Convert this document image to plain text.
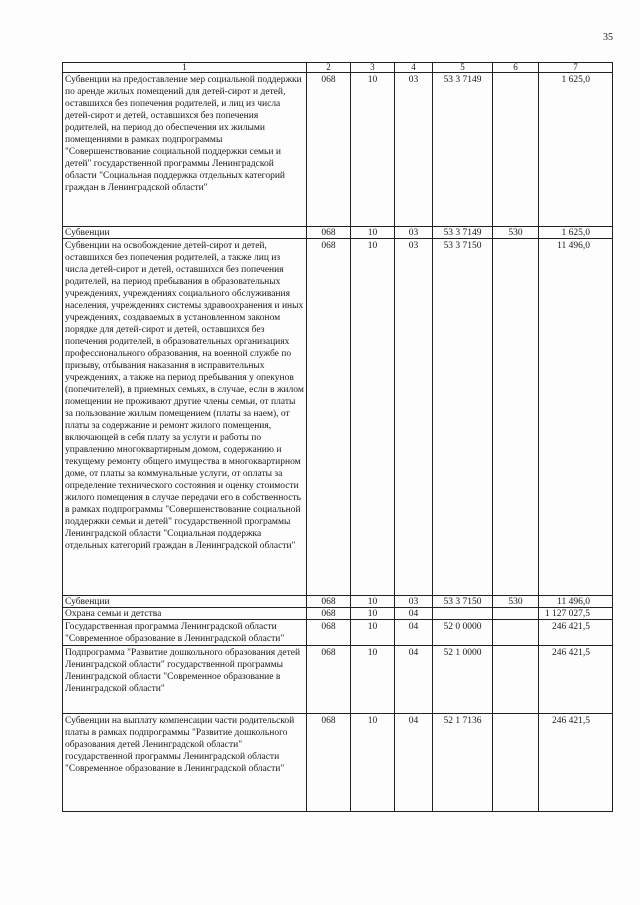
35
1	2	3	4	5	6	7
Субвенции на предоставление мер социальной поддержки по аренде жилых помещений для детей-сирот и детей, оставшихся без попечения родителей, и лиц из числа детей-сирот и детей, оставшихся без попечения родителей, на период до обеспечения их жилыми помещениями в рамках подпрограммы "Совершенствование социальной поддержки семьи и детей" государственной программы Ленинградской области "Социальная поддержка отдельных категорий граждан в Ленинградской области"	068	10	03	53 3 7149		1 625,0
Субвенции	068	10	03	53 3 7149	530	1 625,0
Субвенции на освобождение детей-сирот и детей, оставшихся без попечения родителей, а также лиц из числа детей-сирот и детей, оставшихся без попечения родителей, на период пребывания в образовательных учреждениях, учреждениях социального обслуживания населения, учреждениях системы здравоохранения и иных учреждениях, создаваемых в установленном законом порядке для детей-сирот и детей, оставшихся без попечения родителей, в образовательных организациях профессионального образования, на военной службе по призыву, отбывания наказания в исправительных учреждениях, а также на период пребывания у опекунов (попечителей), в приемных семьях, в случае, если в жилом помещении не проживают другие члены семьи, от платы за пользование жилым помещением (платы за наем), от платы за содержание и ремонт жилого помещения, включающей в себя плату за услуги и работы по управлению многоквартирным домом, содержанию и текущему ремонту общего имущества в многоквартирном доме, от платы за коммунальные услуги, от оплаты за определение технического состояния и оценку стоимости жилого помещения в случае передачи его в собственность в рамках подпрограммы "Совершенствование социальной поддержки семьи и детей" государственной программы Ленинградской области "Социальная поддержка отдельных категорий граждан в Ленинградской области"	068	10	03	53 3 7150		11 496,0
Субвенции	068	10	03	53 3 7150	530	11 496,0
Охрана семьи и детства	068	10	04			1 127 027,5
Государственная программа Ленинградской области "Современное образование в Ленинградской области"	068	10	04	52 0 0000		246 421,5
Подпрограмма "Развитие дошкольного образования детей Ленинградской области" государственной программы Ленинградской области "Современное образование в Ленинградской области"	068	10	04	52 1 0000		246 421,5
Субвенции на выплату компенсации части родительской платы в рамках подпрограммы "Развитие дошкольного образования детей Ленинградской области" государственной программы Ленинградской области "Современное образование в Ленинградской области"	068	10	04	52 1 7136		246 421,5
